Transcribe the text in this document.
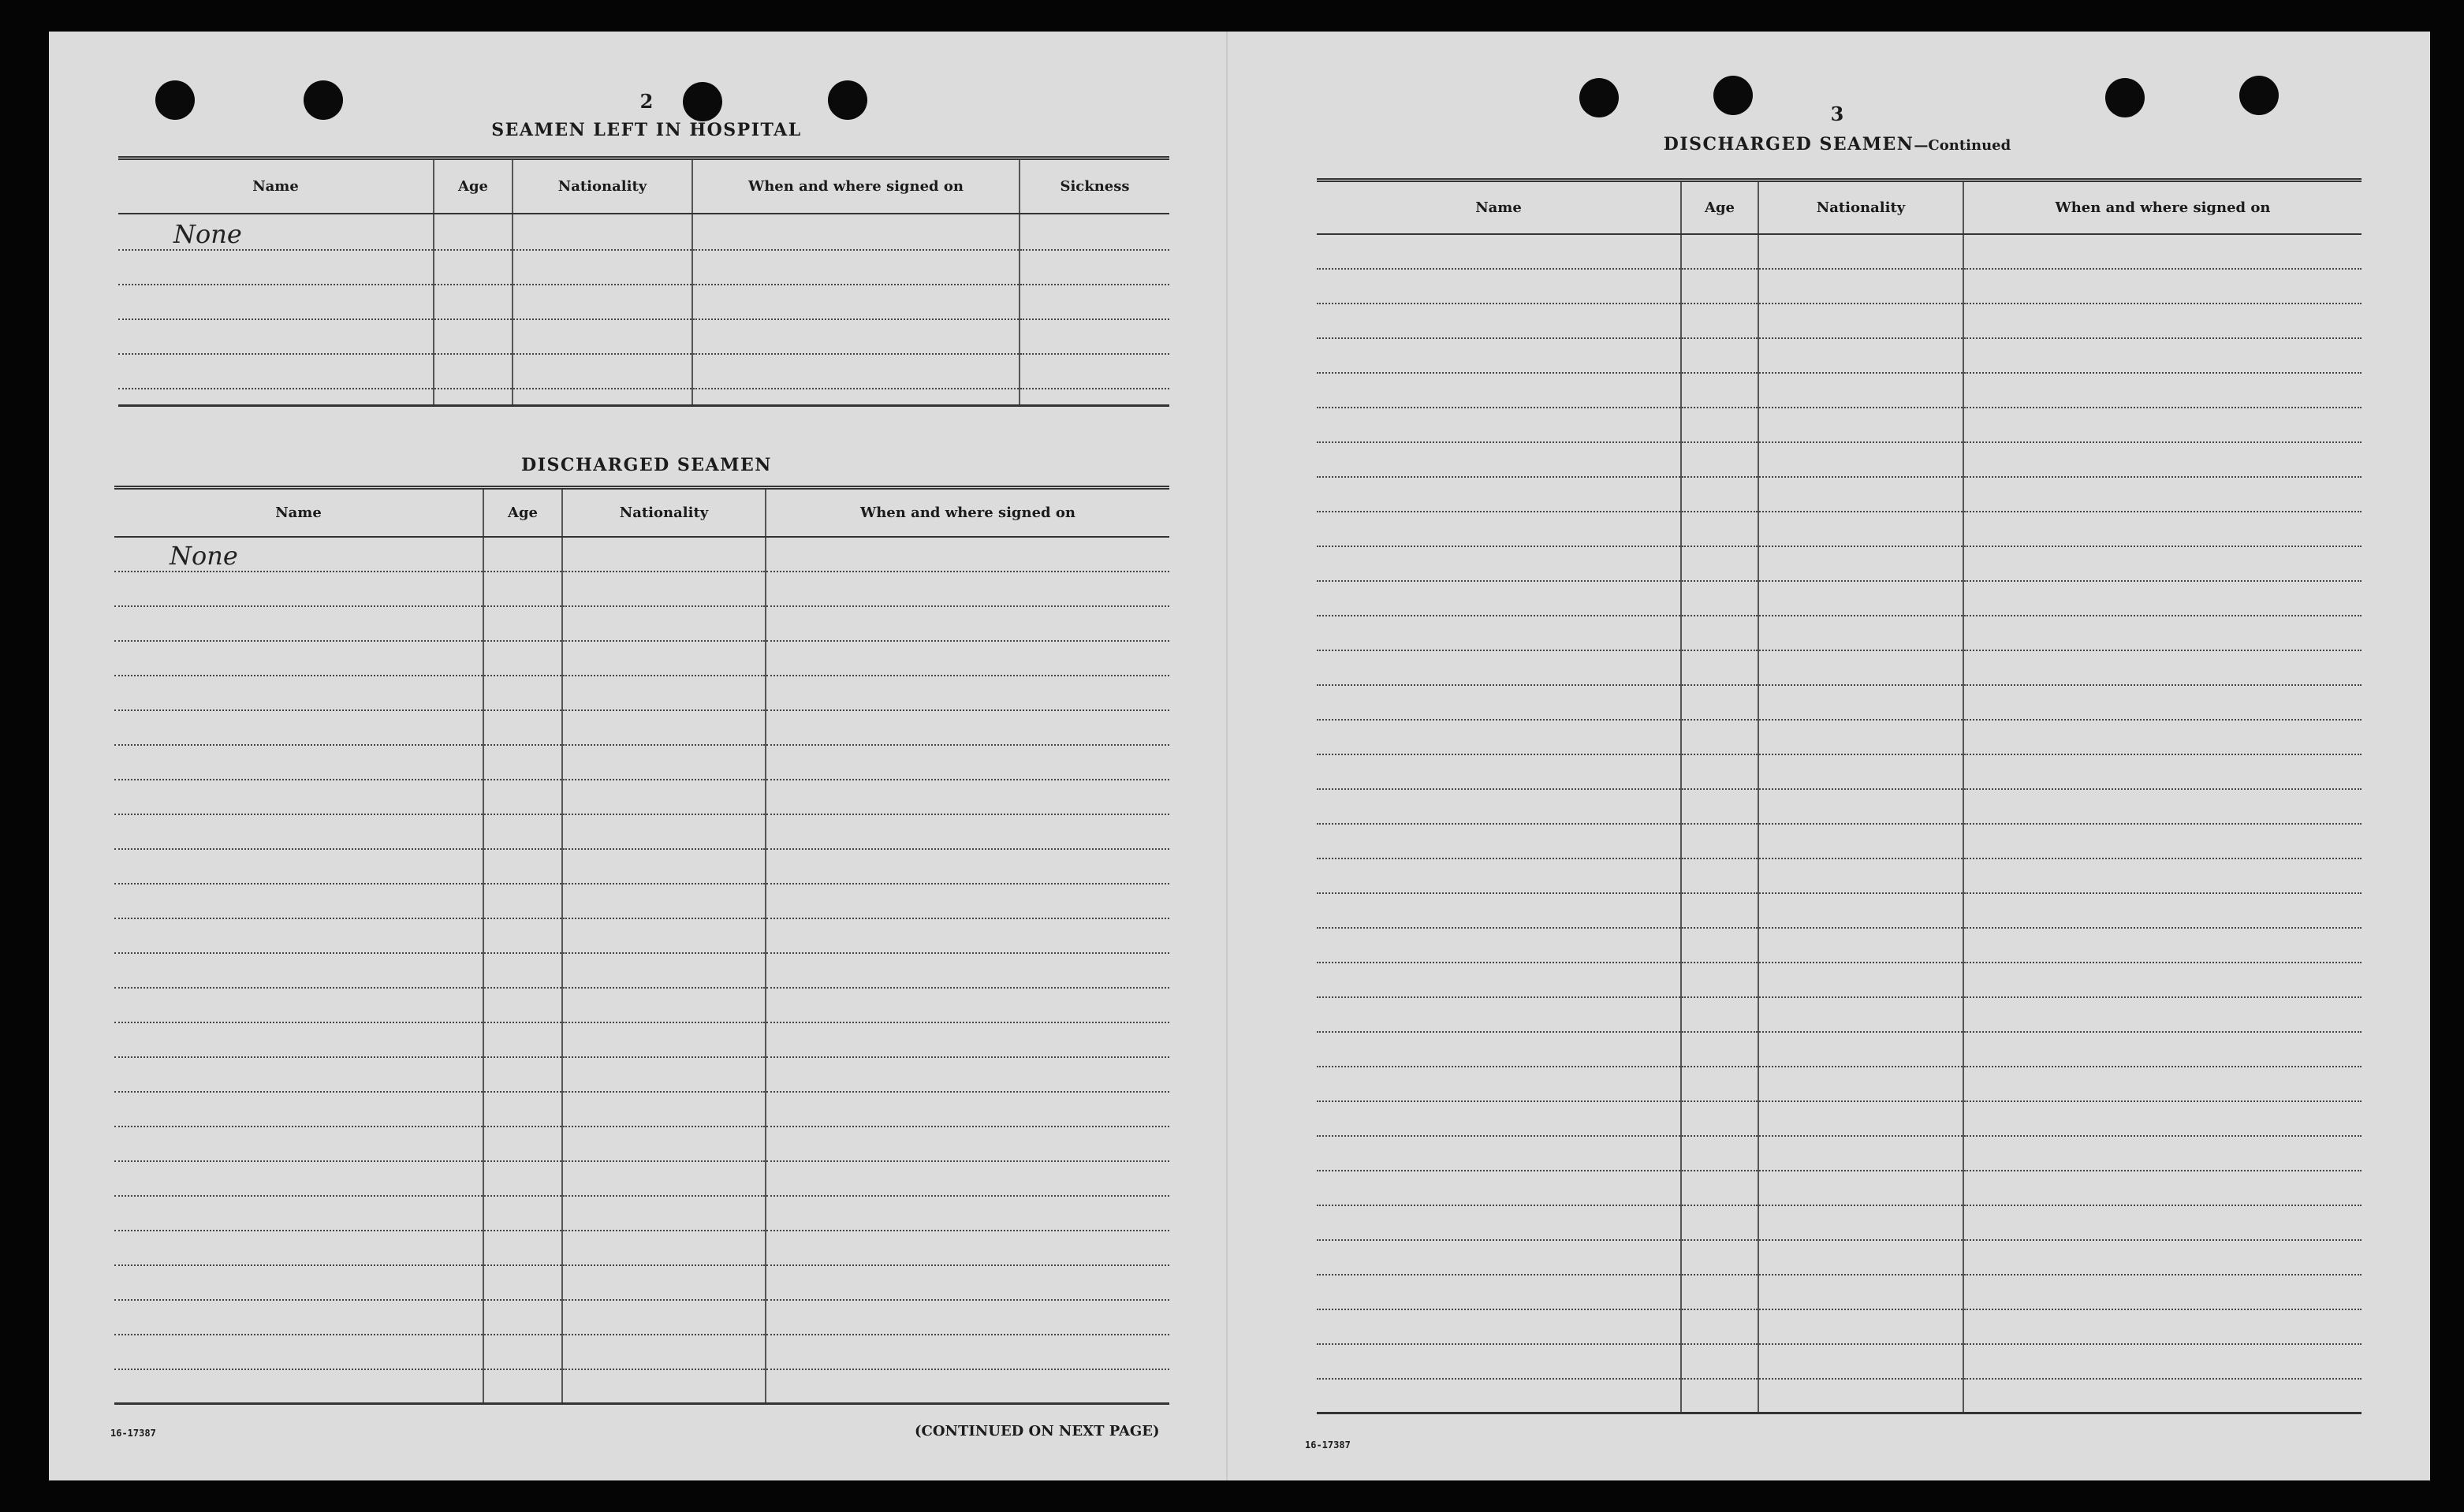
2
SEAMEN LEFT IN HOSPITAL
Name	Age	Nationality	When and where signed on	Sickness
None				

DISCHARGED SEAMEN
Name	Age	Nationality	When and where signed on
None			

16-17387	(CONTINUED ON NEXT PAGE)
3
DISCHARGED SEAMEN—Continued
Name	Age	Nationality	When and where signed on

16-17387
